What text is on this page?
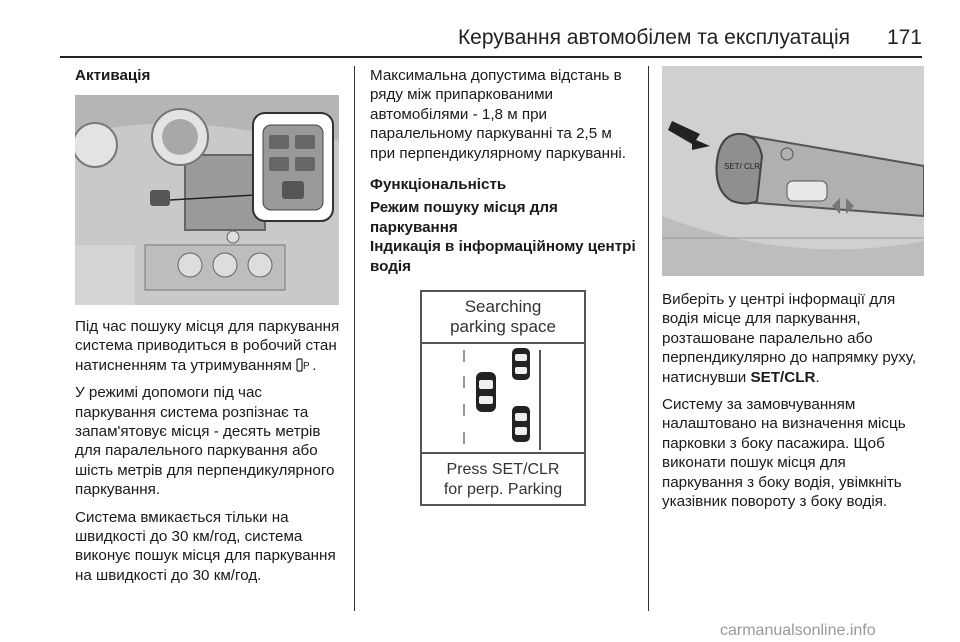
Керування автомобілем та експлуатація 171

Активація

Під час пошуку місця для паркування система приводиться в робочий стан натисненням та утримуванням P .

У режимі допомоги під час паркування система розпізнає та запам'ятовує місця - десять метрів для паралельного паркування або шість метрів для перпендикулярного паркування.

Система вмикається тільки на швидкості до 30 км/год, система виконує пошук місця для паркування на швидкості до 30 км/год.

Максимальна допустима відстань в ряду між припаркованими автомобілями - 1,8 м при паралельному паркуванні та 2,5 м при перпендикулярному паркуванні.

Функціональність

Режим пошуку місця для паркування

Індикація в інформаційному центрі водія

Searching
parking space
Press SET/CLR
for perp. Parking
SET/ CLR

Виберіть у центрі інформації для водія місце для паркування, розташоване паралельно або перпендикулярно до напрямку руху, натиснувши SET/CLR.

Систему за замовчуванням налаштовано на визначення місць парковки з боку пасажира. Щоб виконати пошук місця для паркування з боку водія, увімкніть указівник повороту з боку водія.

carmanualsonline.info
